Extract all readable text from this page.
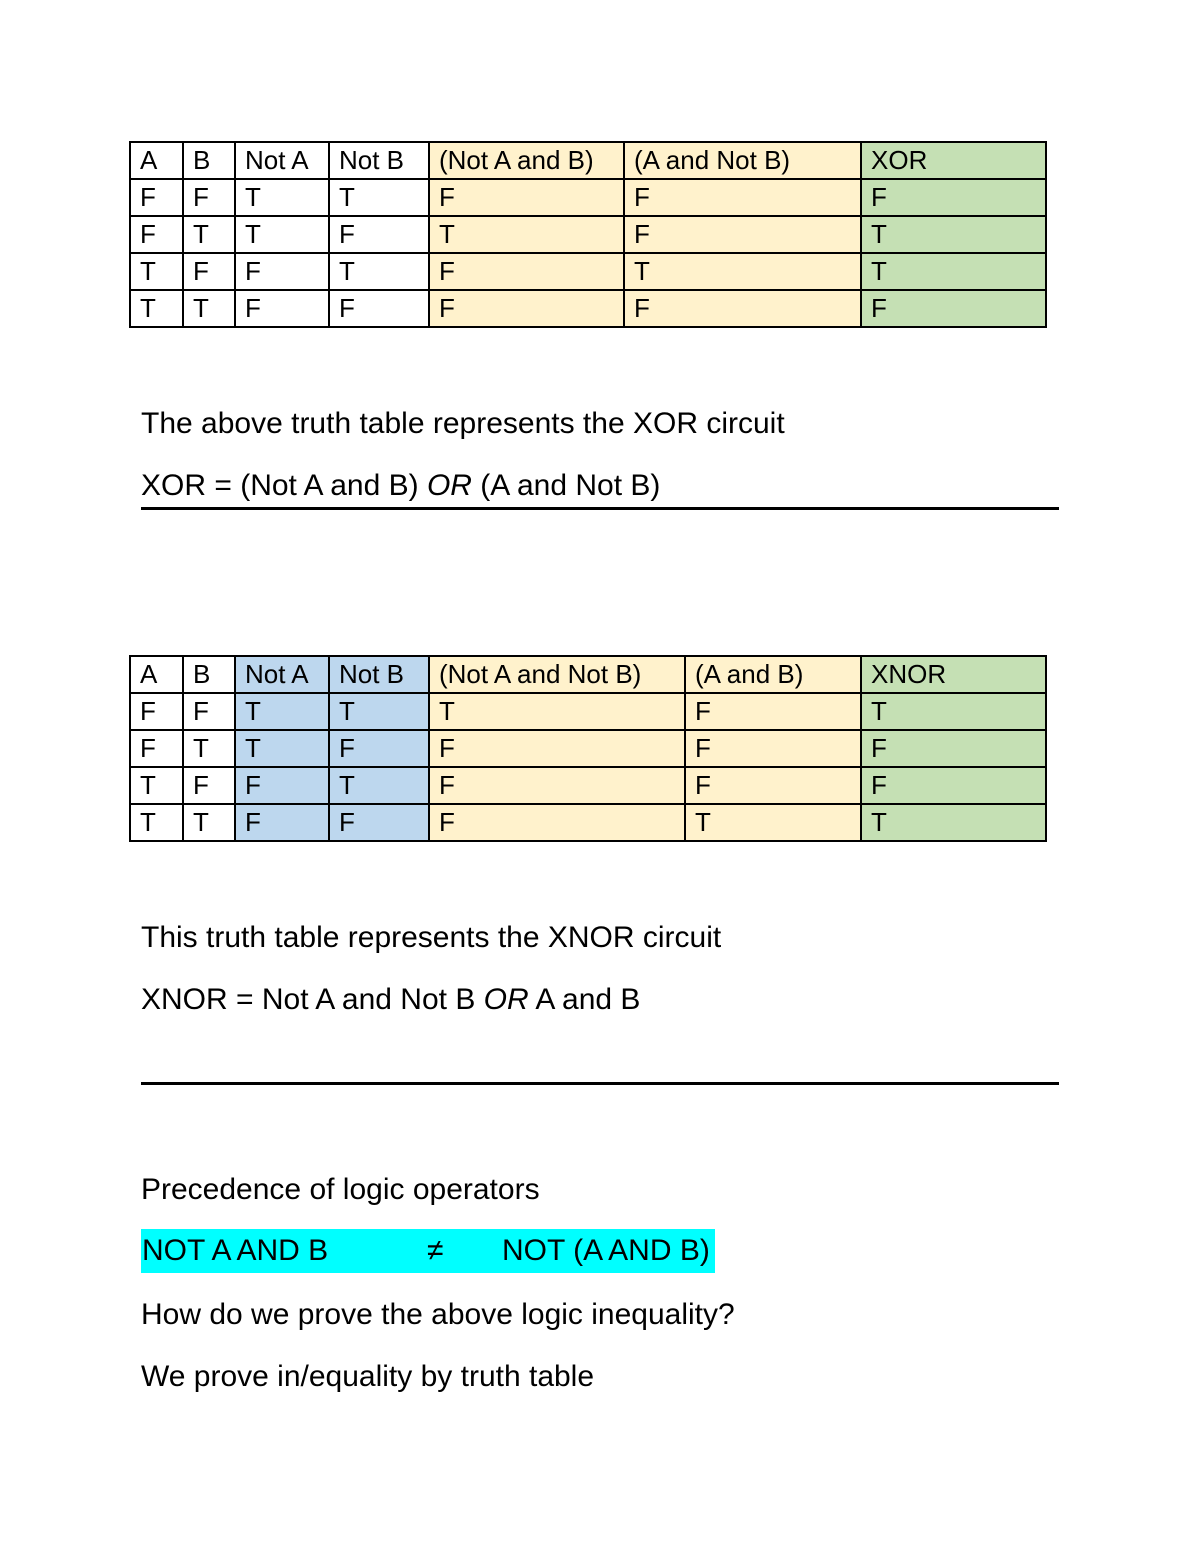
A	B	Not A	Not B	(Not A and B)	(A and Not B)	XOR
F	F	T	T	F	F	F
F	T	T	F	T	F	T
T	F	F	T	F	T	T
T	T	F	F	F	F	F
The above truth table represents the XOR circuit
XOR = (Not A and B) OR (A and Not B)
A	B	Not A	Not B	(Not A and Not B)	(A and B)	XNOR
F	F	T	T	T	F	T
F	T	T	F	F	F	F
T	F	F	T	F	F	F
T	T	F	F	F	T	T
This truth table represents the XNOR circuit
XNOR = Not A and Not B OR A and B
Precedence of logic operators
NOT A AND B	≠ NOT (A AND B)
How do we prove the above logic inequality?
We prove in/equality by truth table
